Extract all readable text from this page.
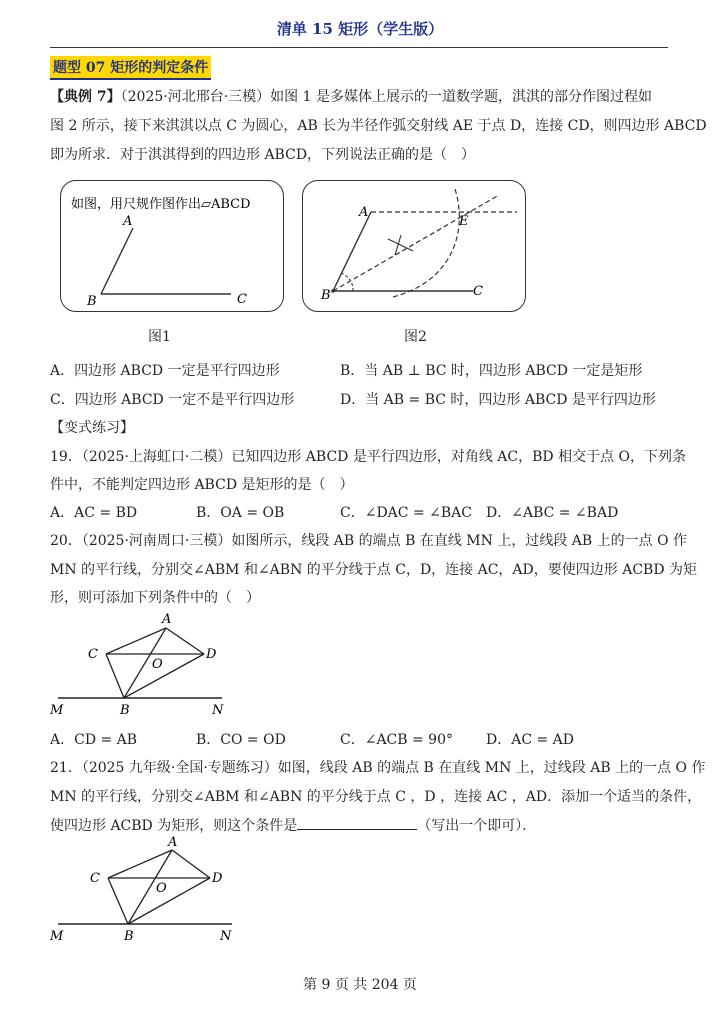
清单 15 矩形（学生版）
题型 07 矩形的判定条件
【典例 7】（2025·河北邢台·三模）如图 1 是多媒体上展示的一道数学题，淇淇的部分作图过程如
图 2 所示，接下来淇淇以点 C 为圆心，AB 长为半径作弧交射线 AE 于点 D，连接 CD，则四边形 ABCD
即为所求．对于淇淇得到的四边形 ABCD，下列说法正确的是（　）
如图，用尺规作图作出▱ABCD
A
B	C
图1
A
B	C
E
图2
A．四边形 ABCD 一定是平行四边形	B．当 AB ⊥ BC 时，四边形 ABCD 一定是矩形
C．四边形 ABCD 一定不是平行四边形	D．当 AB = BC 时，四边形 ABCD 是平行四边形
【变式练习】
19．（2025·上海虹口·二模）已知四边形 ABCD 是平行四边形，对角线 AC，BD 相交于点 O，下列条
件中，不能判定四边形 ABCD 是矩形的是（　）
A．AC = BD	B．OA = OB	C．∠DAC = ∠BAC D．∠ABC = ∠BAD
20．（2025·河南周口·三模）如图所示，线段 AB 的端点 B 在直线 MN 上，过线段 AB 上的一点 O 作
MN 的平行线，分别交∠ABM 和∠ABN 的平分线于点 C，D，连接 AC，AD，要使四边形 ACBD 为矩
形，则可添加下列条件中的（　）
A
C	D
O
M	B	N
A．CD = AB	B．CO = OD	C．∠ACB = 90° D．AC = AD
21．（2025 九年级·全国·专题练习）如图，线段 AB 的端点 B 在直线 MN 上，过线段 AB 上的一点 O 作
MN 的平行线，分别交∠ABM 和∠ABN 的平分线于点 C ，D ，连接 AC ，AD．添加一个适当的条件，
使四边形 ACBD 为矩形，则这个条件是	（写出一个即可）．
A
C	D
O
M	B	N
第 9 页 共 204 页
